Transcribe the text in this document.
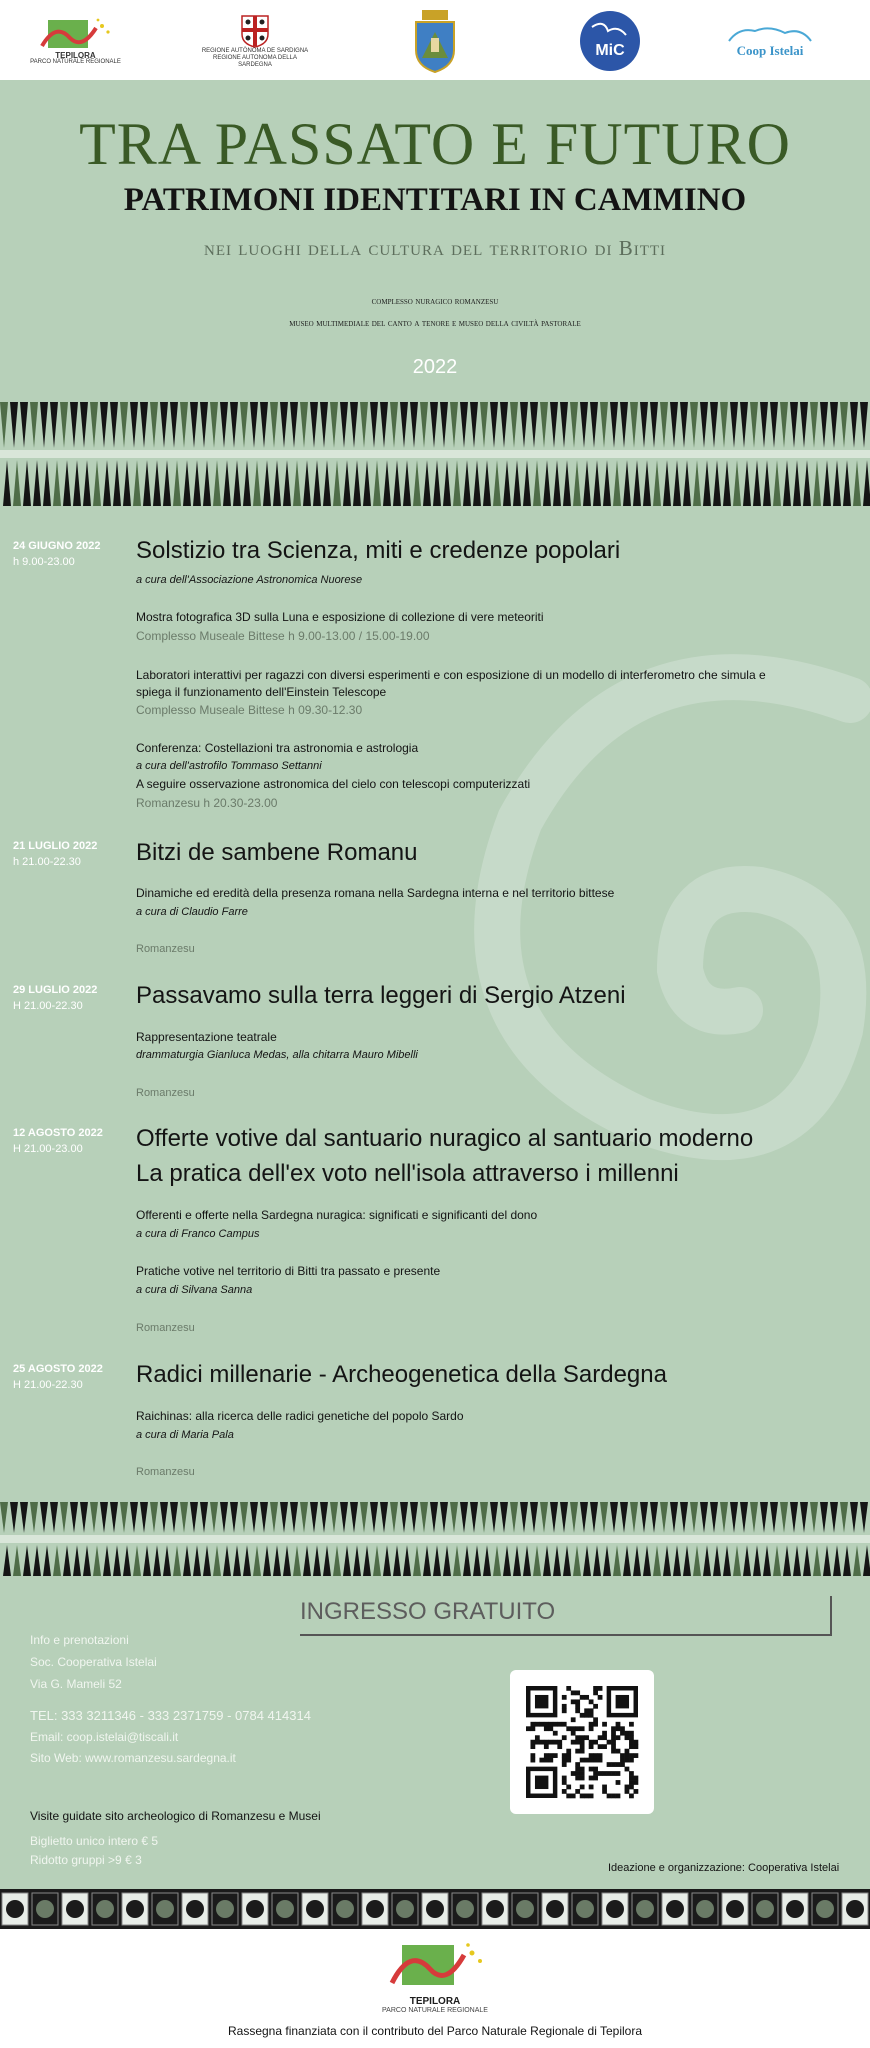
TEPILORA
PARCO NATURALE REGIONALE
REGIONE AUTÒNOMA DE SARDIGNA
REGIONE AUTONOMA DELLA SARDEGNA
MiC	Coop Istelai
TRA PASSATO E FUTURO
PATRIMONI IDENTITARI IN CAMMINO
nei luoghi della cultura del territorio di Bitti
complesso nuragico romanzesu
museo multimediale del canto a tenore e museo della civiltà pastorale
2022
24 GIUGNO 2022
h 9.00-23.00	Solstizio tra Scienza, miti e credenze popolari
a cura dell'Associazione Astronomica Nuorese
Mostra fotografica 3D sulla Luna e esposizione di collezione di vere meteoriti
Complesso Museale Bittese h 9.00-13.00 / 15.00-19.00
Laboratori interattivi per ragazzi con diversi esperimenti e con esposizione di un modello di interferometro che simula e
spiega il funzionamento dell'Einstein Telescope
Complesso Museale Bittese h 09.30-12.30
Conferenza: Costellazioni tra astronomia e astrologia
a cura dell'astrofilo Tommaso Settanni
A seguire osservazione astronomica del cielo con telescopi computerizzati
Romanzesu h 20.30-23.00
21 LUGLIO 2022
h 21.00-22.30	Bitzi de sambene Romanu
Dinamiche ed eredità della presenza romana nella Sardegna interna e nel territorio bittese
a cura di Claudio Farre
Romanzesu
29 LUGLIO 2022
H 21.00-22.30	Passavamo sulla terra leggeri di Sergio Atzeni
Rappresentazione teatrale
drammaturgia Gianluca Medas, alla chitarra Mauro Mibelli
Romanzesu
12 AGOSTO 2022
H 21.00-23.00	Offerte votive dal santuario nuragico al santuario moderno
La pratica dell'ex voto nell'isola attraverso i millenni
Offerenti e offerte nella Sardegna nuragica: significati e significanti del dono
a cura di Franco Campus
Pratiche votive nel territorio di Bitti tra passato e presente
a cura di Silvana Sanna
Romanzesu
25 AGOSTO 2022
H 21.00-22.30	Radici millenarie - Archeogenetica della Sardegna
Raichinas: alla ricerca delle radici genetiche del popolo Sardo
a cura di Maria Pala
Romanzesu
INGRESSO GRATUITO
Info e prenotazioni
Soc. Cooperativa Istelai
Via G. Mameli 52
TEL: 333 3211346 - 333 2371759 - 0784 414314
Email: coop.istelai@tiscali.it
Sito Web: www.romanzesu.sardegna.it
Visite guidate sito archeologico di Romanzesu e Musei
Biglietto unico intero € 5
Ridotto gruppi >9 € 3
Ideazione e organizzazione: Cooperativa Istelai
TEPILORA
PARCO NATURALE REGIONALE
Rassegna finanziata con il contributo del Parco Naturale Regionale di Tepilora
